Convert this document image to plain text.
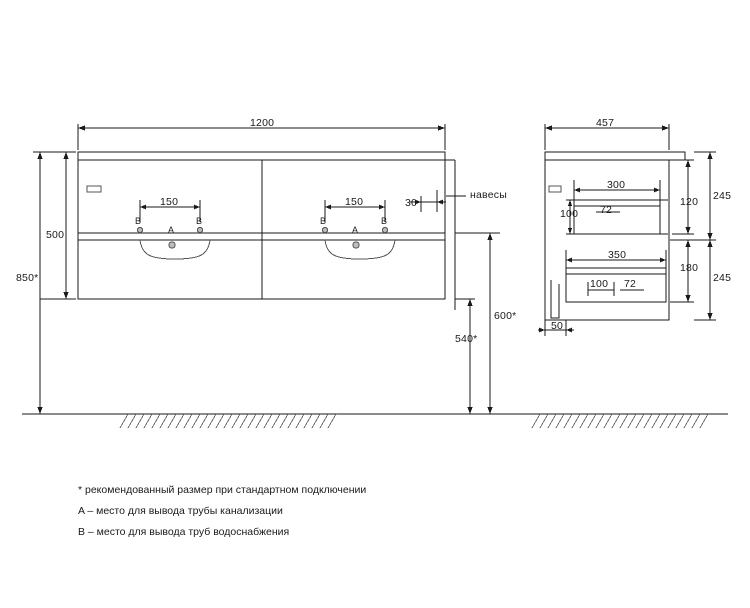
1200
500
850*
150	150	30
навесы
B	B
A
B	B
A
600*
540*
457
300
100 72
120 245
350
100 72
180
245
50
* рекомендованный размер при стандартном подключении
A – место для вывода трубы канализации
B – место для вывода труб водоснабжения
